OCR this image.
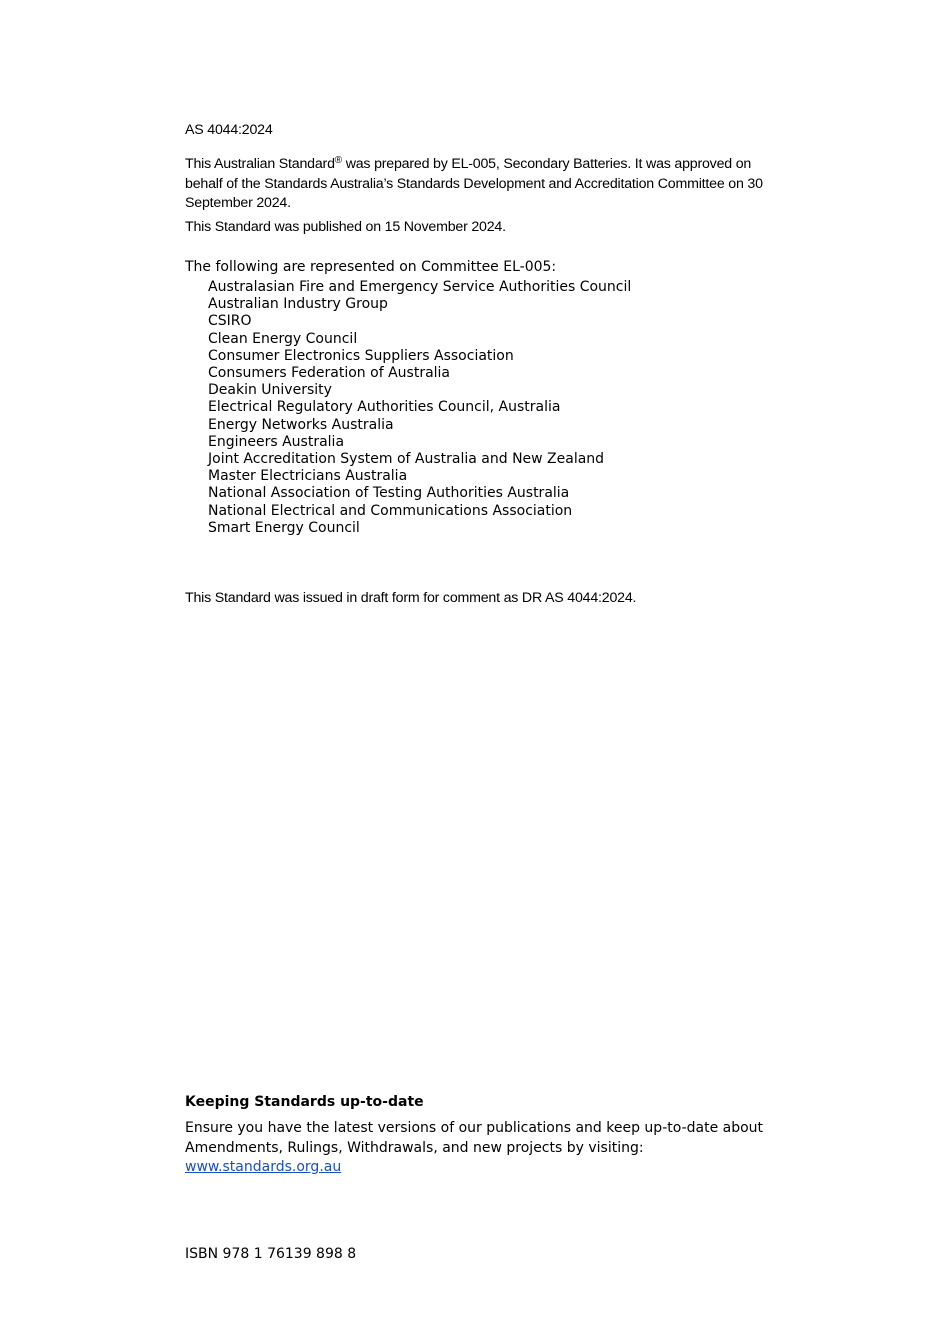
AS 4044:2024
This Australian Standard® was prepared by EL-005, Secondary Batteries. It was approved on behalf of the Standards Australia’s Standards Development and Accreditation Committee on 30 September 2024.
This Standard was published on 15 November 2024.
The following are represented on Committee EL-005:
Australasian Fire and Emergency Service Authorities Council
Australian Industry Group
CSIRO
Clean Energy Council
Consumer Electronics Suppliers Association
Consumers Federation of Australia
Deakin University
Electrical Regulatory Authorities Council, Australia
Energy Networks Australia
Engineers Australia
Joint Accreditation System of Australia and New Zealand
Master Electricians Australia
National Association of Testing Authorities Australia
National Electrical and Communications Association
Smart Energy Council
This Standard was issued in draft form for comment as DR AS 4044:2024.
Keeping Standards up-to-date
Ensure you have the latest versions of our publications and keep up-to-date about Amendments, Rulings, Withdrawals, and new projects by visiting:
www.standards.org.au
ISBN 978 1 76139 898 8
